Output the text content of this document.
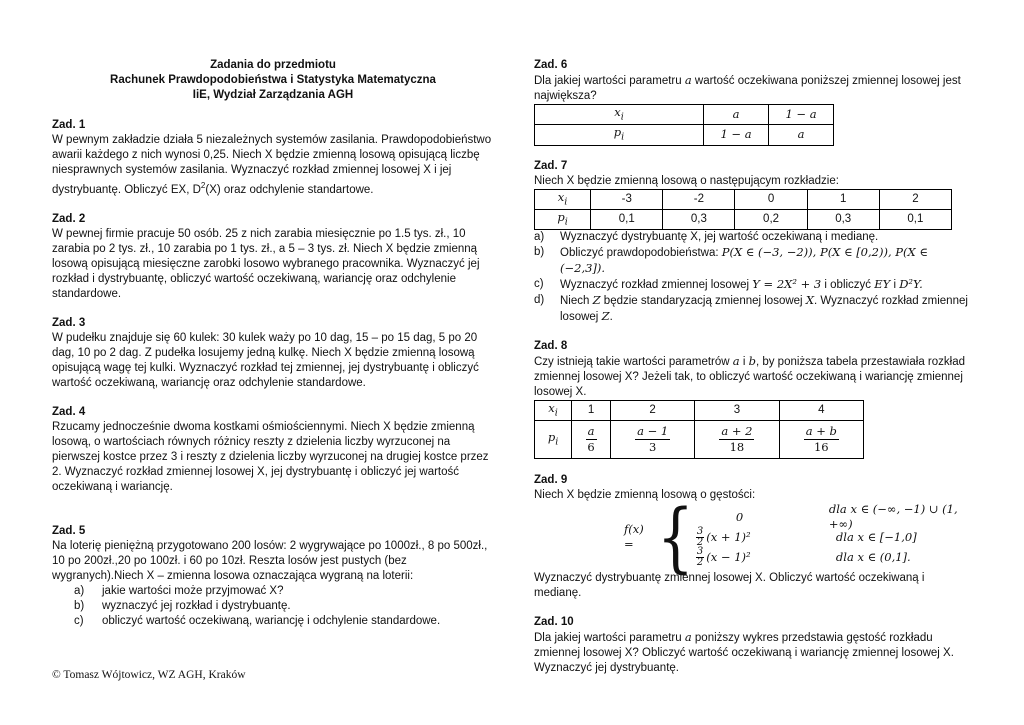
Zadania do przedmiotu
Rachunek Prawdopodobieństwa i Statystyka Matematyczna
IiE, Wydział Zarządzania AGH
Zad. 1

W pewnym zakładzie działa 5 niezależnych systemów zasilania. Prawdopodobieństwo awarii każdego z nich wynosi 0,25. Niech X będzie zmienną losową opisującą liczbę niesprawnych systemów zasilania. Wyznaczyć rozkład zmiennej losowej X i jej dystrybuantę. Obliczyć EX, $D^2(X)$ oraz odchylenie standartowe.

Zad. 2

W pewnej firmie pracuje 50 osób. 25 z nich zarabia miesięcznie po 1.5 tys. zł., 10 zarabia po 2 tys. zł., 10 zarabia po 1 tys. zł., a 5 – 3 tys. zł. Niech X będzie zmienną losową opisującą miesięczne zarobki losowo wybranego pracownika. Wyznaczyć jej rozkład i dystrybuantę, obliczyć wartość oczekiwaną, wariancję oraz odchylenie standardowe.

Zad. 3

W pudełku znajduje się 60 kulek: 30 kulek waży po 10 dag, 15 – po 15 dag, 5 po 20 dag, 10 po 2 dag. Z pudełka losujemy jedną kulkę. Niech X będzie zmienną losową opisującą wagę tej kulki. Wyznaczyć rozkład tej zmiennej, jej dystrybuantę i obliczyć wartość oczekiwaną, wariancję oraz odchylenie standardowe.

Zad. 4

Rzucamy jednocześnie dwoma kostkami ośmiościennymi. Niech X będzie zmienną losową, o wartościach równych różnicy reszty z dzielenia liczby wyrzuconej na pierwszej kostce przez 3 i reszty z dzielenia liczby wyrzuconej na drugiej kostce przez 2. Wyznaczyć rozkład zmiennej losowej X, jej dystrybuantę i obliczyć jej wartość oczekiwaną i wariancję.

Zad. 5

Na loterię pieniężną przygotowano 200 losów: 2 wygrywające po 1000zł., 8 po 500zł., 10 po 200zł.,20 po 100zł. i 60 po 10zł. Reszta losów jest pustych (bez wygranych).Niech X – zmienna losowa oznaczająca wygraną na loterii:

a)	jakie wartości może przyjmować X?
b)	wyznaczyć jej rozkład i dystrybuantę.
c)	obliczyć wartość oczekiwaną, wariancję i odchylenie standardowe.
© Tomasz Wójtowicz, WZ AGH, Kraków
Zad. 6

Dla jakiej wartości parametru a wartość oczekiwana poniższej zmiennej losowej jest największa?

$x_i$	a	1 − a
$p_i$	1 − a	a
Zad. 7

Niech X będzie zmienną losową o następującym rozkładzie:

$x_i$	-3	-2	0	1	2
$p_i$	0,1	0,3	0,2	0,3	0,1
a)	Wyznaczyć dystrybuantę X, jej wartość oczekiwaną i medianę.
b)	Obliczyć prawdopodobieństwa: P(X ∈ (−3, −2)), P(X ∈ [0,2)), P(X ∈ (−2,3]).
c)	Wyznaczyć rozkład zmiennej losowej Y = 2X² + 3 i obliczyć EY i D²Y.
d)	Niech Z będzie standaryzacją zmiennej losowej X. Wyznaczyć rozkład zmiennej losowej Z.
Zad. 8

Czy istnieją takie wartości parametrów a i b, by poniższa tabela przestawiała rozkład zmiennej losowej X? Jeżeli tak, to obliczyć wartość oczekiwaną i wariancję zmiennej losowej X.

$x_i$	1	2	3	4
$p_i$	$\frac{a}{6}$	$\frac{a - 1}{3}$	$\frac{a + 2}{18}$	$\frac{a + b}{16}$
Zad. 9

Niech X będzie zmienną losową o gęstości:

f(x) = {	0
dla x ∈ (−∞, −1) ∪ (1, +∞)
$\frac{3}{2} (x + 1)^2$	dla x ∈ [−1,0]
$\frac{3}{2} (x - 1)^2$	dla x ∈ (0,1].

Wyznaczyć dystrybuantę zmiennej losowej X. Obliczyć wartość oczekiwaną i medianę.

Zad. 10

Dla jakiej wartości parametru a poniższy wykres przedstawia gęstość rozkładu zmiennej losowej X? Obliczyć wartość oczekiwaną i wariancję zmiennej losowej X. Wyznaczyć jej dystrybuantę.
